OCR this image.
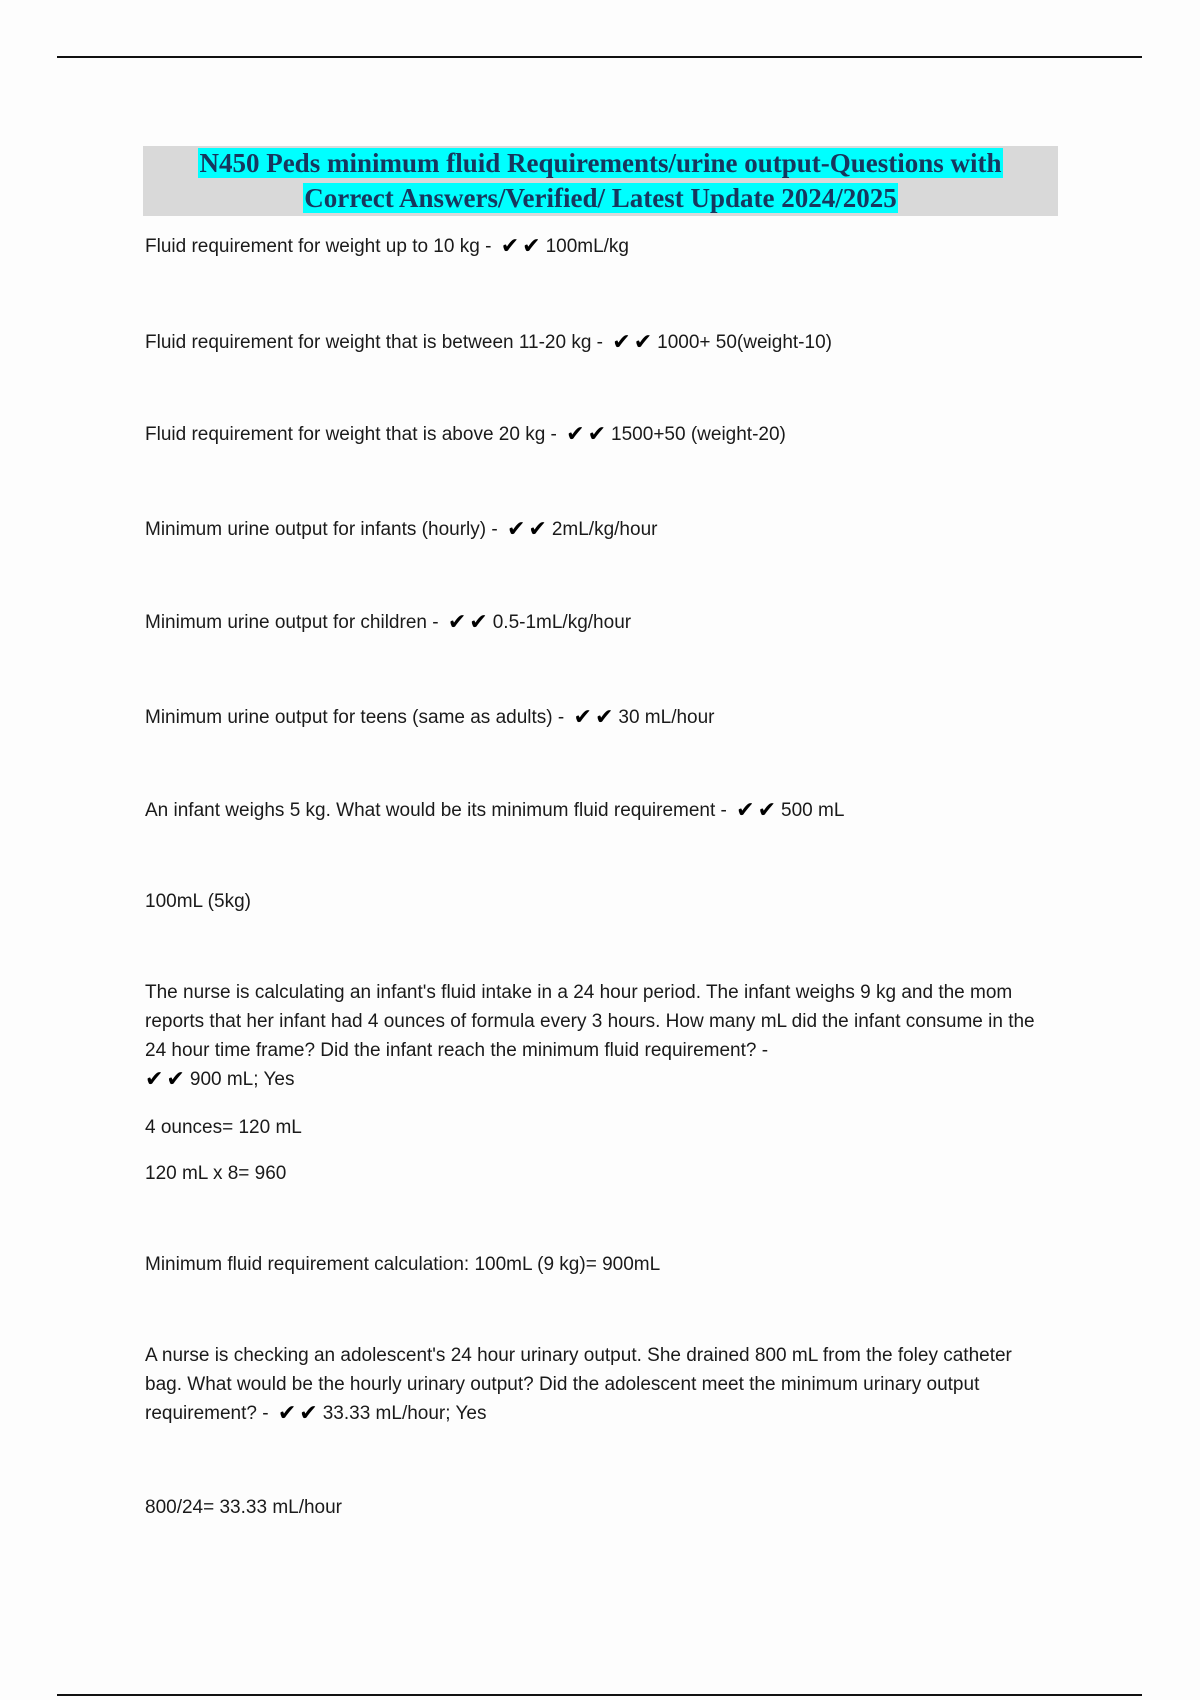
N450 Peds minimum fluid Requirements/urine output-Questions with
Correct Answers/Verified/ Latest Update 2024/2025
Fluid requirement for weight up to 10 kg - ✔✔ 100mL/kg
Fluid requirement for weight that is between 11-20 kg - ✔✔ 1000+ 50(weight-10)
Fluid requirement for weight that is above 20 kg - ✔✔ 1500+50 (weight-20)
Minimum urine output for infants (hourly) - ✔✔ 2mL/kg/hour
Minimum urine output for children - ✔✔ 0.5-1mL/kg/hour
Minimum urine output for teens (same as adults) - ✔✔ 30 mL/hour
An infant weighs 5 kg. What would be its minimum fluid requirement - ✔✔ 500 mL
100mL (5kg)
The nurse is calculating an infant's fluid intake in a 24 hour period. The infant weighs 9 kg and the mom reports that her infant had 4 ounces of formula every 3 hours. How many mL did the infant consume in the 24 hour time frame? Did the infant reach the minimum fluid requirement? -
✔✔ 900 mL; Yes
4 ounces= 120 mL
120 mL x 8= 960
Minimum fluid requirement calculation: 100mL (9 kg)= 900mL
A nurse is checking an adolescent's 24 hour urinary output. She drained 800 mL from the foley catheter bag. What would be the hourly urinary output? Did the adolescent meet the minimum urinary output requirement? - ✔✔ 33.33 mL/hour; Yes
800/24= 33.33 mL/hour
